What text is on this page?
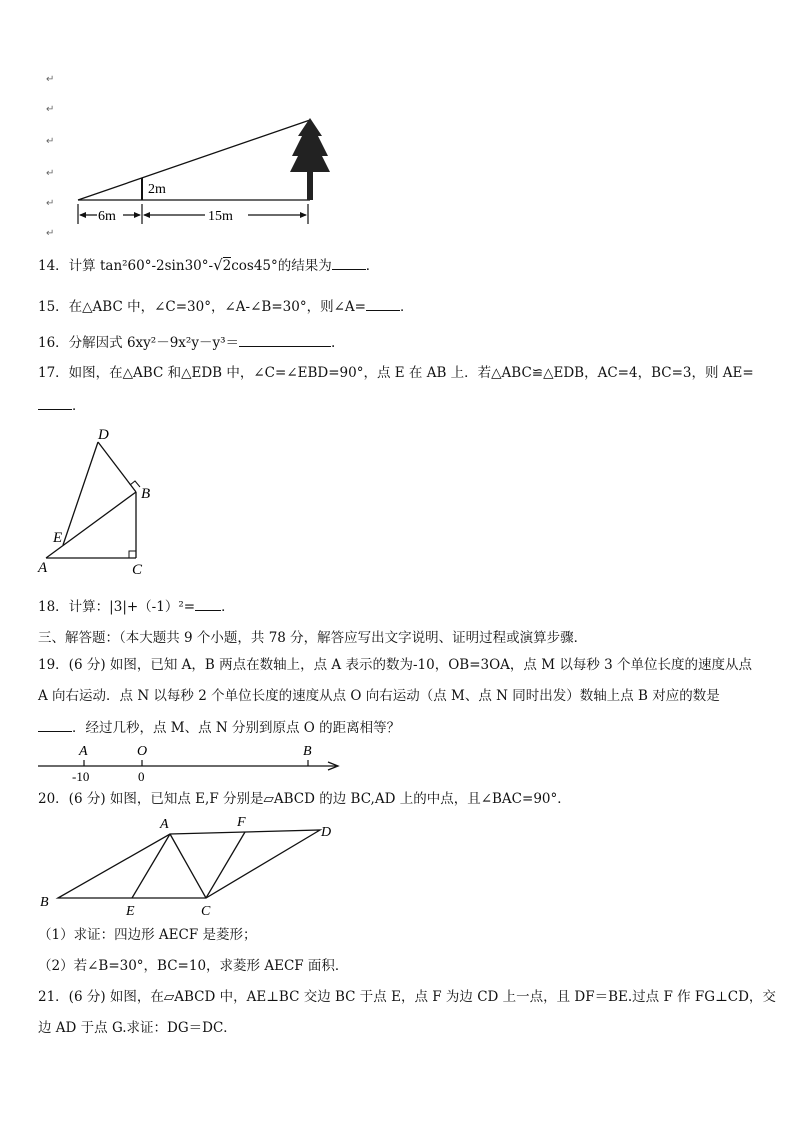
↵
↵
↵
↵
↵
↵
2m
6m	15m
14．计算 tan²60°-2sin30°-√2cos45°的结果为	．
15．在△ABC 中，∠C=30°，∠A-∠B=30°，则∠A=	．
16．分解因式 6xy²－9x²y－y³＝	.
17．如图，在△ABC 和△EDB 中，∠C=∠EBD=90°，点 E 在 AB 上．若△ABC≌△EDB，AC=4，BC=3，则 AE=
．
D
B
E
A	C
18．计算：|3|+（-1）²= ．
三、解答题：（本大题共 9 个小题，共 78 分，解答应写出文字说明、证明过程或演算步骤．
19．(6 分) 如图，已知 A，B 两点在数轴上，点 A 表示的数为-10，OB=3OA，点 M 以每秒 3 个单位长度的速度从点
A 向右运动．点 N 以每秒 2 个单位长度的速度从点 O 向右运动（点 M、点 N 同时出发）数轴上点 B 对应的数是
．经过几秒，点 M、点 N 分别到原点 O 的距离相等？
A	O	B
-10	0
20．(6 分) 如图，已知点 E,F 分别是▱ABCD 的边 BC,AD 上的中点，且∠BAC=90°．
A	F
D
B
E	C
（1）求证：四边形 AECF 是菱形；
（2）若∠B=30°，BC=10，求菱形 AECF 面积．
21．(6 分) 如图，在▱ABCD 中，AE⊥BC 交边 BC 于点 E，点 F 为边 CD 上一点，且 DF＝BE.过点 F 作 FG⊥CD，交
边 AD 于点 G.求证：DG＝DC．
